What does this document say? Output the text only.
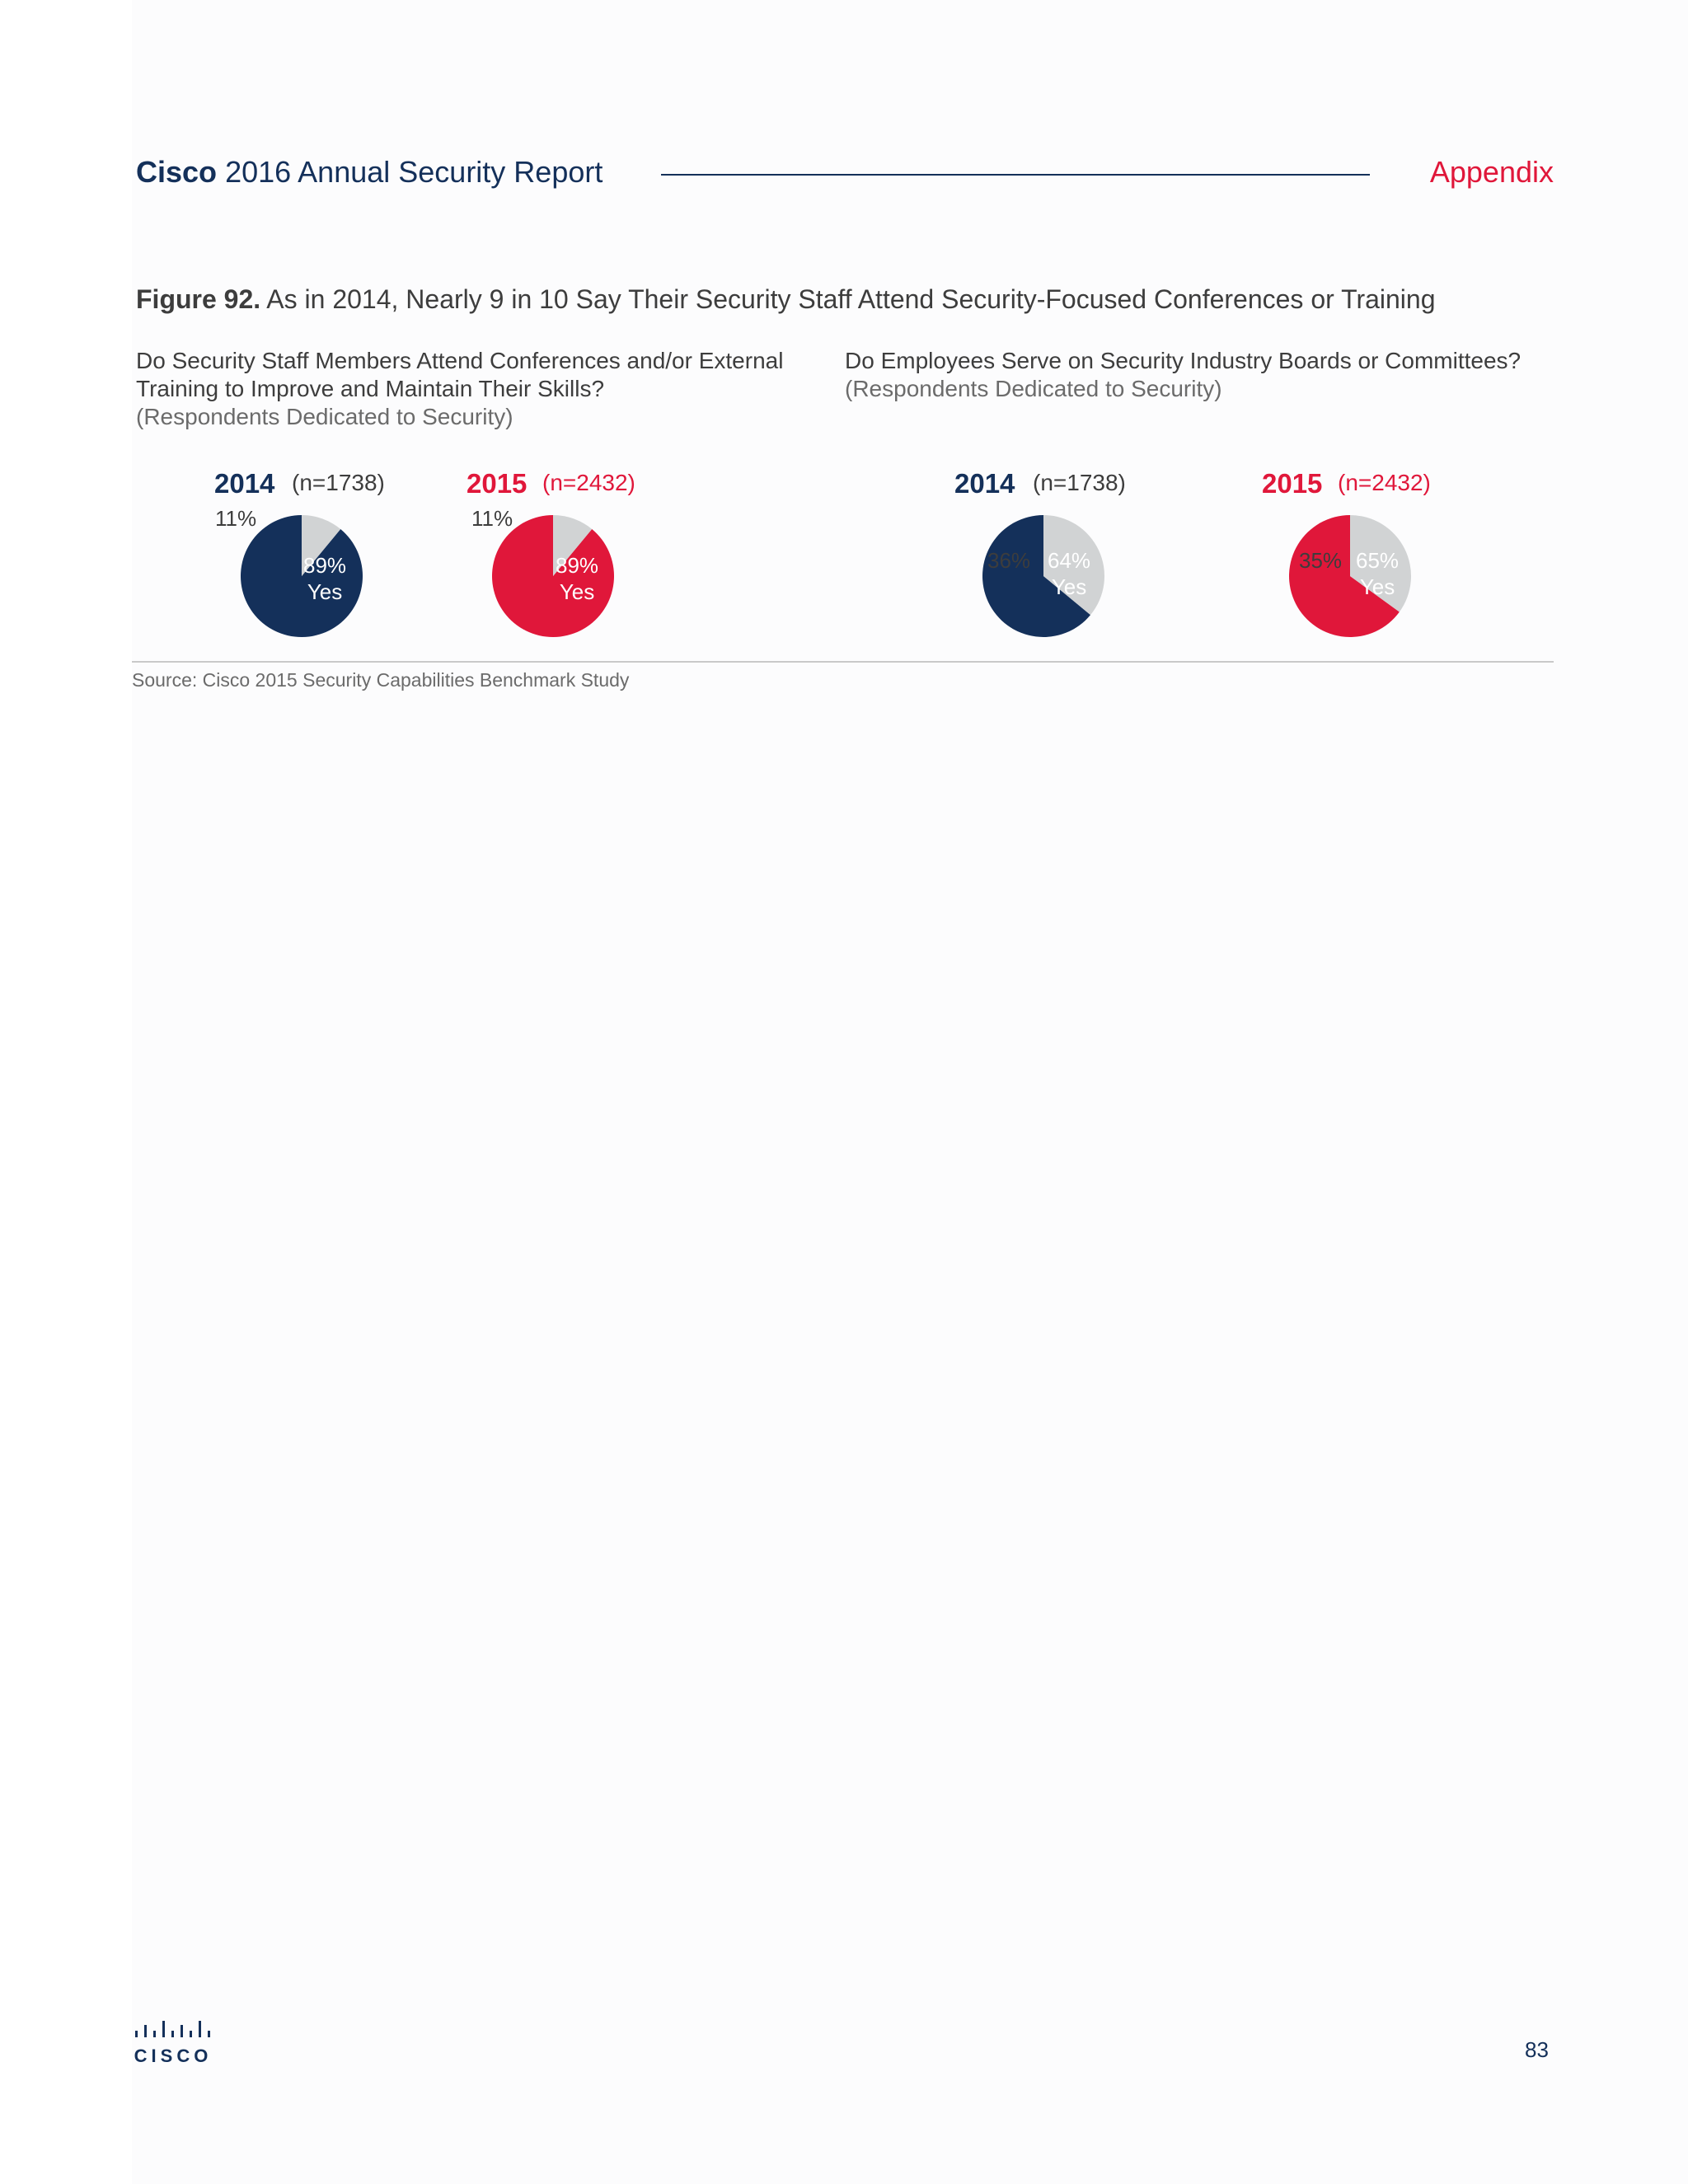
Cisco 2016 Annual Security Report	Appendix
Figure 92. As in 2014, Nearly 9 in 10 Say Their Security Staff Attend Security-Focused Conferences or Training
Do Security Staff Members Attend Conferences and/or External Training to Improve and Maintain Their Skills?
(Respondents Dedicated to Security)
Do Employees Serve on Security Industry Boards or Committees?
(Respondents Dedicated to Security)
2014 (n=1738)
11%
89%
Yes
2015 (n=2432)
11%
89%
Yes
2014 (n=1738)
36% 64%
Yes
2015 (n=2432)
35% 65%
Yes
Source: Cisco 2015 Security Capabilities Benchmark Study
CISCO	83
